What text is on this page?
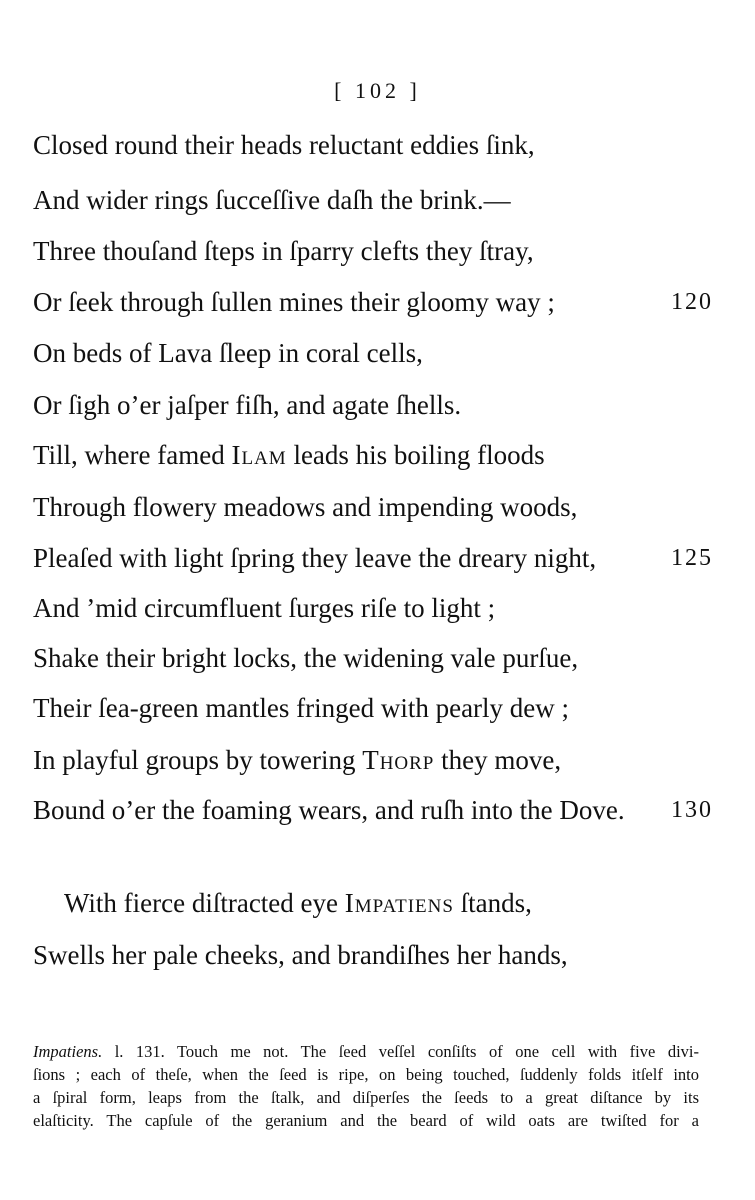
[ 102 ]
Closed round their heads reluctant eddies ſink,
And wider rings ſucceſſive daſh the brink.—
Three thouſand ſteps in ſparry clefts they ſtray,
Or ſeek through ſullen mines their gloomy way ;	120
On beds of Lava ſleep in coral cells,
Or ſigh o’er jaſper fiſh, and agate ſhells.
Till, where famed Ilam leads his boiling floods
Through flowery meadows and impending woods,
Pleaſed with light ſpring they leave the dreary night,	125
And ’mid circumfluent ſurges riſe to light ;
Shake their bright locks, the widening vale purſue,
Their ſea-green mantles fringed with pearly dew ;
In playful groups by towering Thorp they move,
Bound o’er the foaming wears, and ruſh into the Dove. 130
With fierce diſtracted eye Impatiens ſtands,
Swells her pale cheeks, and brandiſhes her hands,
Impatiens. l. 131. Touch me not. The ſeed veſſel conſiſts of one cell with five divi-
ſions ; each of theſe, when the ſeed is ripe, on being touched, ſuddenly folds itſelf into
a ſpiral form, leaps from the ſtalk, and diſperſes the ſeeds to a great diſtance by its
elaſticity. The capſule of the geranium and the beard of wild oats are twiſted for a
